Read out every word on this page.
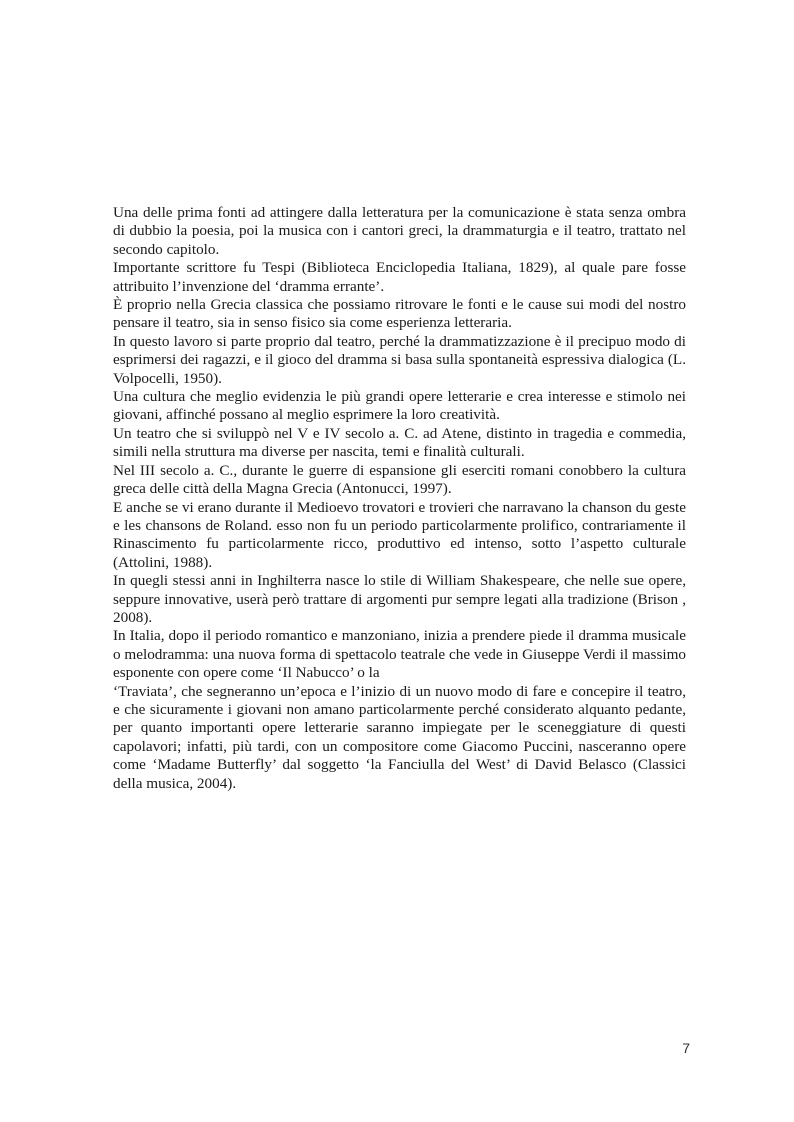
Una delle prima fonti ad attingere dalla letteratura per la comunicazione è stata senza ombra di dubbio la poesia, poi la musica con i cantori greci, la drammaturgia e il teatro, trattato nel secondo capitolo.

Importante scrittore fu Tespi (Biblioteca Enciclopedia Italiana, 1829), al quale pare fosse attribuito l’invenzione del ‘dramma errante’.

È proprio nella Grecia classica che possiamo ritrovare le fonti e le cause sui modi del nostro pensare il teatro, sia in senso fisico sia come esperienza letteraria.

In questo lavoro si parte proprio dal teatro, perché la drammatizzazione è il precipuo modo di esprimersi dei ragazzi, e il gioco del dramma si basa sulla spontaneità espressiva dialogica (L. Volpocelli, 1950).

Una cultura che meglio evidenzia le più grandi opere letterarie e crea interesse e stimolo nei giovani, affinché possano al meglio esprimere la loro creatività.

Un teatro che si sviluppò nel V e IV secolo a. C. ad Atene, distinto in tragedia e commedia, simili nella struttura ma diverse per nascita, temi e finalità culturali.

Nel III secolo a. C., durante le guerre di espansione gli eserciti romani conobbero la cultura greca delle città della Magna Grecia (Antonucci, 1997).

E anche se vi erano durante il Medioevo trovatori e trovieri che narravano la chanson du geste e les chansons de Roland. esso non fu un periodo particolarmente prolifico, contrariamente il Rinascimento fu particolarmente ricco, produttivo ed intenso, sotto l’aspetto culturale (Attolini, 1988).

In quegli stessi anni in Inghilterra nasce lo stile di William Shakespeare, che nelle sue opere, seppure innovative, userà però trattare di argomenti pur sempre legati alla tradizione (Brison , 2008).

In Italia, dopo il periodo romantico e manzoniano, inizia a prendere piede il dramma musicale o melodramma: una nuova forma di spettacolo teatrale che vede in Giuseppe Verdi il massimo esponente con opere come ‘Il Nabucco’ o la

‘Traviata’, che segneranno un’epoca e l’inizio di un nuovo modo di fare e concepire il teatro, e che sicuramente i giovani non amano particolarmente perché considerato alquanto pedante, per quanto importanti opere letterarie saranno impiegate per le sceneggiature di questi capolavori; infatti, più tardi, con un compositore come Giacomo Puccini, nasceranno opere come ‘Madame Butterfly’ dal soggetto ‘la Fanciulla del West’ di David Belasco (Classici della musica, 2004).

7
